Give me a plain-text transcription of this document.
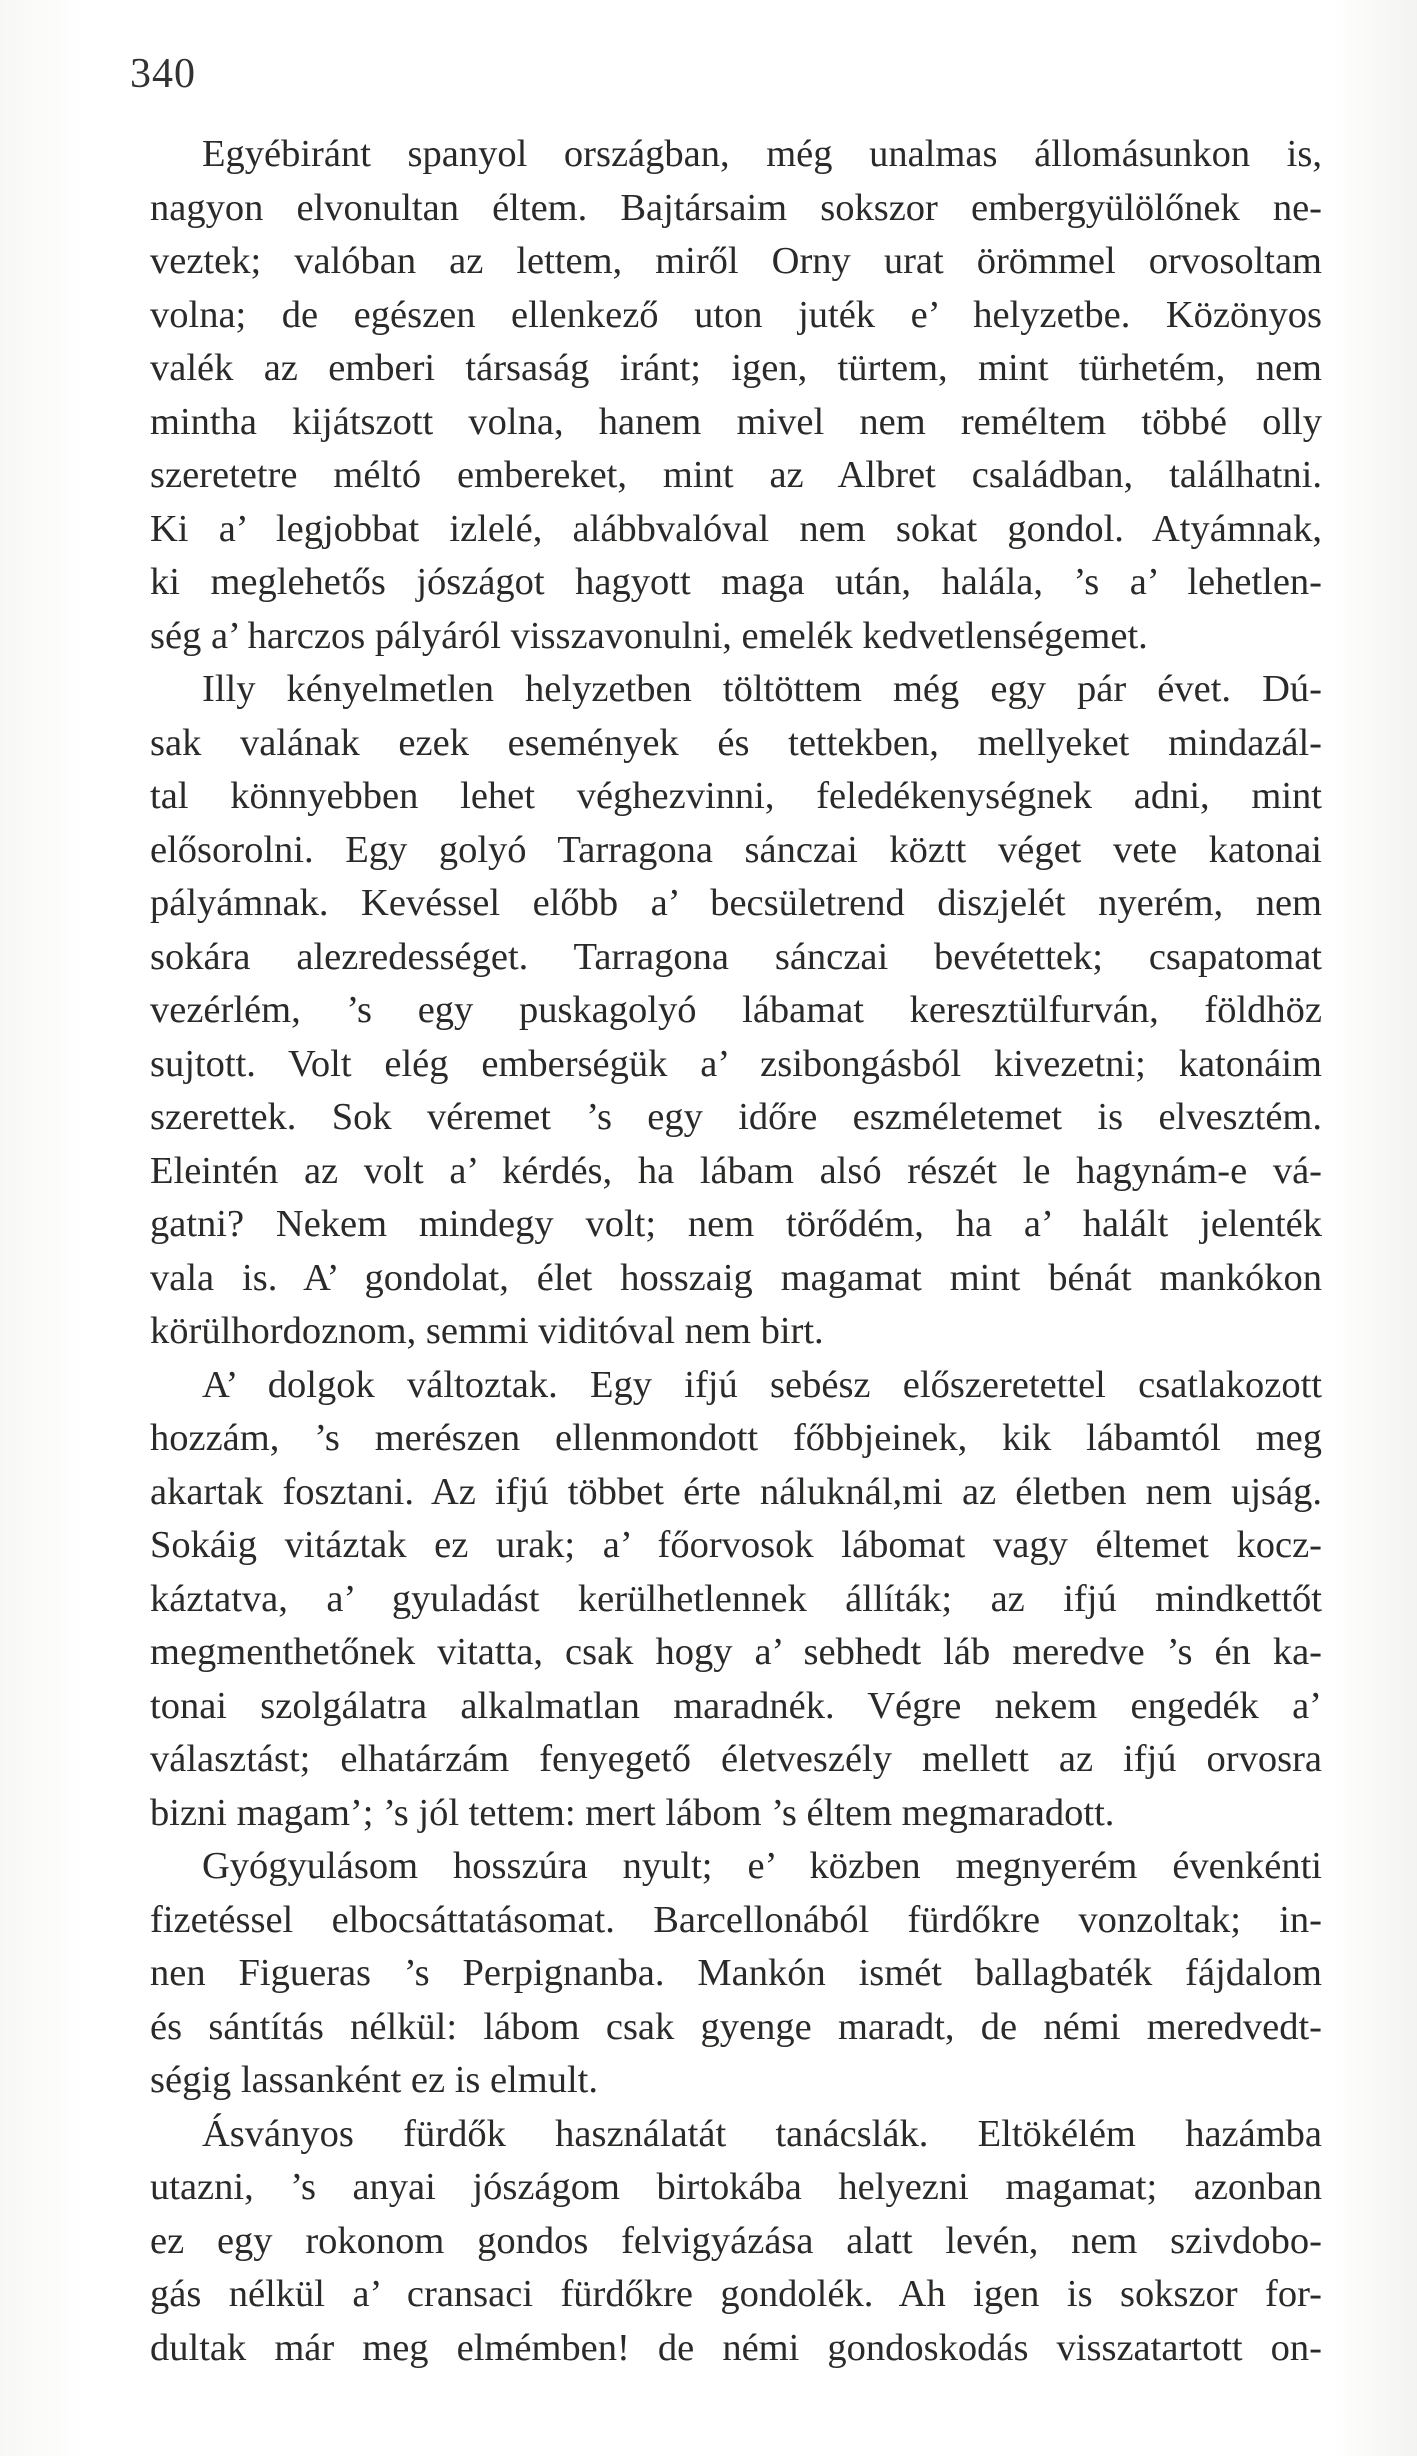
340
Egyébiránt spanyol országban, még unalmas állomásunkon is,
nagyon elvonultan éltem. Bajtársaim sokszor embergyülölőnek ne-
veztek; valóban az lettem, miről Orny urat örömmel orvosoltam
volna; de egészen ellenkező uton juték e’ helyzetbe. Közönyos
valék az emberi társaság iránt; igen, türtem, mint türhetém, nem
mintha kijátszott volna, hanem mivel nem reméltem többé olly
szeretetre méltó embereket, mint az Albret családban, találhatni.
Ki a’ legjobbat izlelé, alábbvalóval nem sokat gondol. Atyámnak,
ki meglehetős jószágot hagyott maga után, halála, ’s a’ lehetlen-
ség a’ harczos pályáról visszavonulni, emelék kedvetlenségemet.
Illy kényelmetlen helyzetben töltöttem még egy pár évet. Dú-
sak valának ezek események és tettekben, mellyeket mindazál-
tal könnyebben lehet véghezvinni, feledékenységnek adni, mint
elősorolni. Egy golyó Tarragona sánczai köztt véget vete katonai
pályámnak. Kevéssel előbb a’ becsületrend diszjelét nyerém, nem
sokára alezredességet. Tarragona sánczai bevétettek; csapatomat
vezérlém, ’s egy puskagolyó lábamat keresztülfurván, földhöz
sujtott. Volt elég emberségük a’ zsibongásból kivezetni; katonáim
szerettek. Sok véremet ’s egy időre eszméletemet is elvesztém.
Eleintén az volt a’ kérdés, ha lábam alsó részét le hagynám-e vá-
gatni? Nekem mindegy volt; nem törődém, ha a’ halált jelenték
vala is. A’ gondolat, élet hosszaig magamat mint bénát mankókon
körülhordoznom, semmi viditóval nem birt.
A’ dolgok változtak. Egy ifjú sebész előszeretettel csatlakozott
hozzám, ’s merészen ellenmondott főbbjeinek, kik lábamtól meg
akartak fosztani. Az ifjú többet érte náluknál,mi az életben nem ujság.
Sokáig vitáztak ez urak; a’ főorvosok lábomat vagy éltemet kocz-
káztatva, a’ gyuladást kerülhetlennek állíták; az ifjú mindkettőt
megmenthetőnek vitatta, csak hogy a’ sebhedt láb meredve ’s én ka-
tonai szolgálatra alkalmatlan maradnék. Végre nekem engedék a’
választást; elhatárzám fenyegető életveszély mellett az ifjú orvosra
bizni magam’; ’s jól tettem: mert lábom ’s éltem megmaradott.
Gyógyulásom hosszúra nyult; e’ közben megnyerém évenkénti
fizetéssel elbocsáttatásomat. Barcellonából fürdőkre vonzoltak; in-
nen Figueras ’s Perpignanba. Mankón ismét ballagbaték fájdalom
és sántítás nélkül: lábom csak gyenge maradt, de némi meredvedt-
ségig lassanként ez is elmult.
Ásványos fürdők használatát tanácslák. Eltökélém hazámba
utazni, ’s anyai jószágom birtokába helyezni magamat; azonban
ez egy rokonom gondos felvigyázása alatt levén, nem szivdobo-
gás nélkül a’ cransaci fürdőkre gondolék. Ah igen is sokszor for-
dultak már meg elmémben! de némi gondoskodás visszatartott on-
